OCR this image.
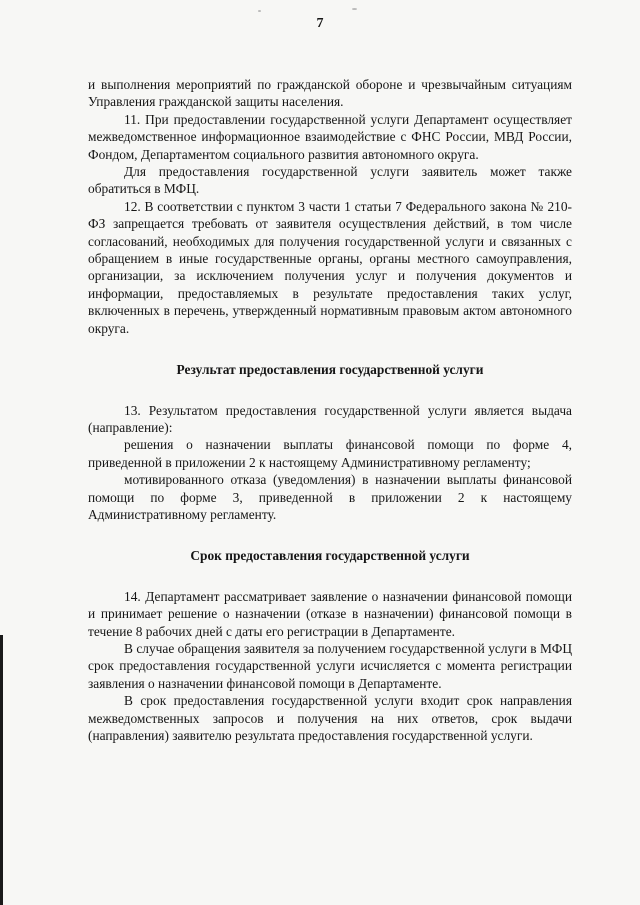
7

и выполнения мероприятий по гражданской обороне и чрезвычайным ситуациям Управления гражданской защиты населения.

11. При предоставлении государственной услуги Департамент осуществляет межведомственное информационное взаимодействие с ФНС России, МВД России, Фондом, Департаментом социального развития автономного округа.

Для предоставления государственной услуги заявитель может также обратиться в МФЦ.

12. В соответствии с пунктом 3 части 1 статьи 7 Федерального закона № 210-ФЗ запрещается требовать от заявителя осуществления действий, в том числе согласований, необходимых для получения государственной услуги и связанных с обращением в иные государственные органы, органы местного самоуправления, организации, за исключением получения услуг и получения документов и информации, предоставляемых в результате предоставления таких услуг, включенных в перечень, утвержденный нормативным правовым актом автономного округа.

Результат предоставления государственной услуги

13. Результатом предоставления государственной услуги является выдача (направление):

решения о назначении выплаты финансовой помощи по форме 4, приведенной в приложении 2 к настоящему Административному регламенту;

мотивированного отказа (уведомления) в назначении выплаты финансовой помощи по форме 3, приведенной в приложении 2 к настоящему Административному регламенту.

Срок предоставления государственной услуги

14. Департамент рассматривает заявление о назначении финансовой помощи и принимает решение о назначении (отказе в назначении) финансовой помощи в течение 8 рабочих дней с даты его регистрации в Департаменте.

В случае обращения заявителя за получением государственной услуги в МФЦ срок предоставления государственной услуги исчисляется с момента регистрации заявления о назначении финансовой помощи в Департаменте.

В срок предоставления государственной услуги входит срок направления межведомственных запросов и получения на них ответов, срок выдачи (направления) заявителю результата предоставления государственной услуги.
